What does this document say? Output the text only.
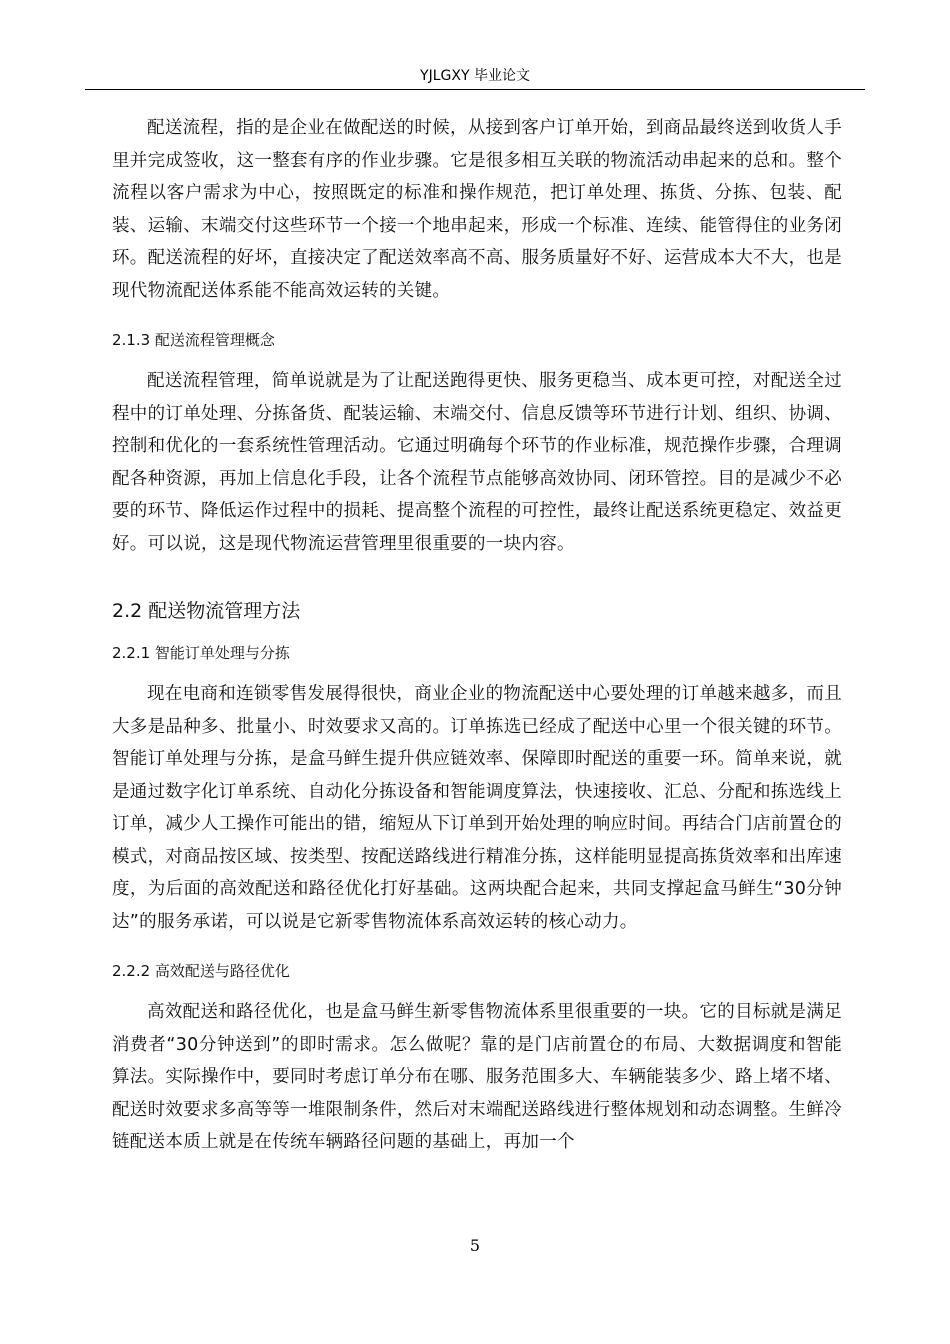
YJLGXY 毕业论文

配送流程，指的是企业在做配送的时候，从接到客户订单开始，到商品最终送到收货人手里并完成签收，这一整套有序的作业步骤。它是很多相互关联的物流活动串起来的总和。整个流程以客户需求为中心，按照既定的标准和操作规范，把订单处理、拣货、分拣、包装、配装、运输、末端交付这些环节一个接一个地串起来，形成一个标准、连续、能管得住的业务闭环。配送流程的好坏，直接决定了配送效率高不高、服务质量好不好、运营成本大不大，也是现代物流配送体系能不能高效运转的关键。

2.1.3 配送流程管理概念

配送流程管理，简单说就是为了让配送跑得更快、服务更稳当、成本更可控，对配送全过程中的订单处理、分拣备货、配装运输、末端交付、信息反馈等环节进行计划、组织、协调、控制和优化的一套系统性管理活动。它通过明确每个环节的作业标准，规范操作步骤，合理调配各种资源，再加上信息化手段，让各个流程节点能够高效协同、闭环管控。目的是减少不必要的环节、降低运作过程中的损耗、提高整个流程的可控性，最终让配送系统更稳定、效益更好。可以说，这是现代物流运营管理里很重要的一块内容。

2.2 配送物流管理方法
2.2.1 智能订单处理与分拣

现在电商和连锁零售发展得很快，商业企业的物流配送中心要处理的订单越来越多，而且大多是品种多、批量小、时效要求又高的。订单拣选已经成了配送中心里一个很关键的环节。智能订单处理与分拣，是盒马鲜生提升供应链效率、保障即时配送的重要一环。简单来说，就是通过数字化订单系统、自动化分拣设备和智能调度算法，快速接收、汇总、分配和拣选线上订单，减少人工操作可能出的错，缩短从下订单到开始处理的响应时间。再结合门店前置仓的模式，对商品按区域、按类型、按配送路线进行精准分拣，这样能明显提高拣货效率和出库速度，为后面的高效配送和路径优化打好基础。这两块配合起来，共同支撑起盒马鲜生“30分钟达”的服务承诺，可以说是它新零售物流体系高效运转的核心动力。

2.2.2 高效配送与路径优化

高效配送和路径优化，也是盒马鲜生新零售物流体系里很重要的一块。它的目标就是满足消费者“30分钟送到”的即时需求。怎么做呢？靠的是门店前置仓的布局、大数据调度和智能算法。实际操作中，要同时考虑订单分布在哪、服务范围多大、车辆能装多少、路上堵不堵、配送时效要求多高等等一堆限制条件，然后对末端配送路线进行整体规划和动态调整。生鲜冷链配送本质上就是在传统车辆路径问题的基础上，再加一个

5
